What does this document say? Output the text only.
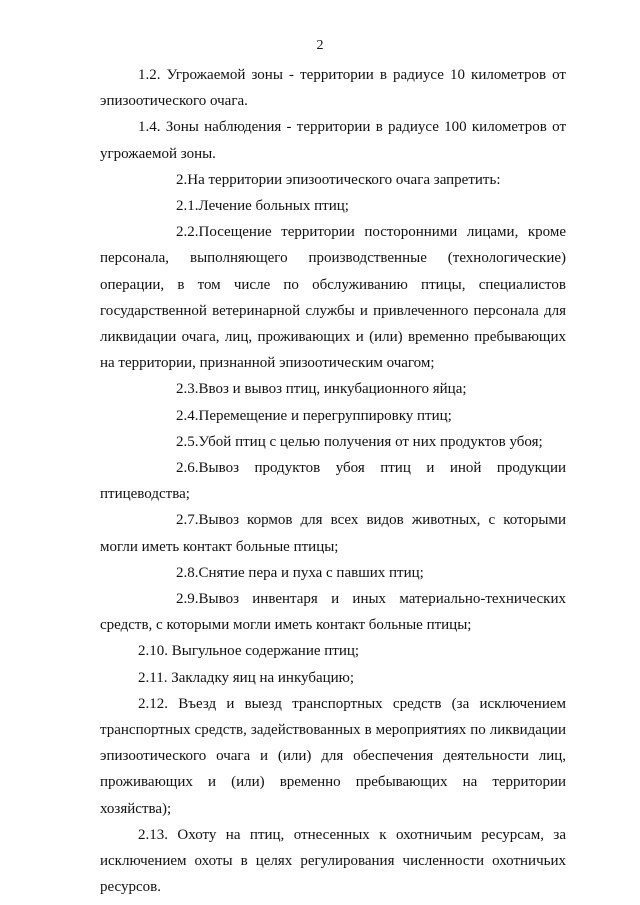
2

1.2. Угрожаемой зоны - территории в радиусе 10 километров от эпизоотического очага.

1.4. Зоны наблюдения - территории в радиусе 100 километров от угрожаемой зоны.

2.На территории эпизоотического очага запретить:

2.1.Лечение больных птиц;

2.2.Посещение территории посторонними лицами, кроме персонала, выполняющего производственные (технологические) операции, в том числе по обслуживанию птицы, специалистов государственной ветеринарной службы и привлеченного персонала для ликвидации очага, лиц, проживающих и (или) временно пребывающих на территории, признанной эпизоотическим очагом;

2.3.Ввоз и вывоз птиц, инкубационного яйца;

2.4.Перемещение и перегруппировку птиц;

2.5.Убой птиц с целью получения от них продуктов убоя;

2.6.Вывоз продуктов убоя птиц и иной продукции птицеводства;

2.7.Вывоз кормов для всех видов животных, с которыми могли иметь контакт больные птицы;

2.8.Снятие пера и пуха с павших птиц;

2.9.Вывоз инвентаря и иных материально-технических средств, с которыми могли иметь контакт больные птицы;

2.10. Выгульное содержание птиц;

2.11. Закладку яиц на инкубацию;

2.12. Въезд и выезд транспортных средств (за исключением транспортных средств, задействованных в мероприятиях по ликвидации эпизоотического очага и (или) для обеспечения деятельности лиц, проживающих и (или) временно пребывающих на территории хозяйства);

2.13. Охоту на птиц, отнесенных к охотничьим ресурсам, за исключением охоты в целях регулирования численности охотничьих ресурсов.
